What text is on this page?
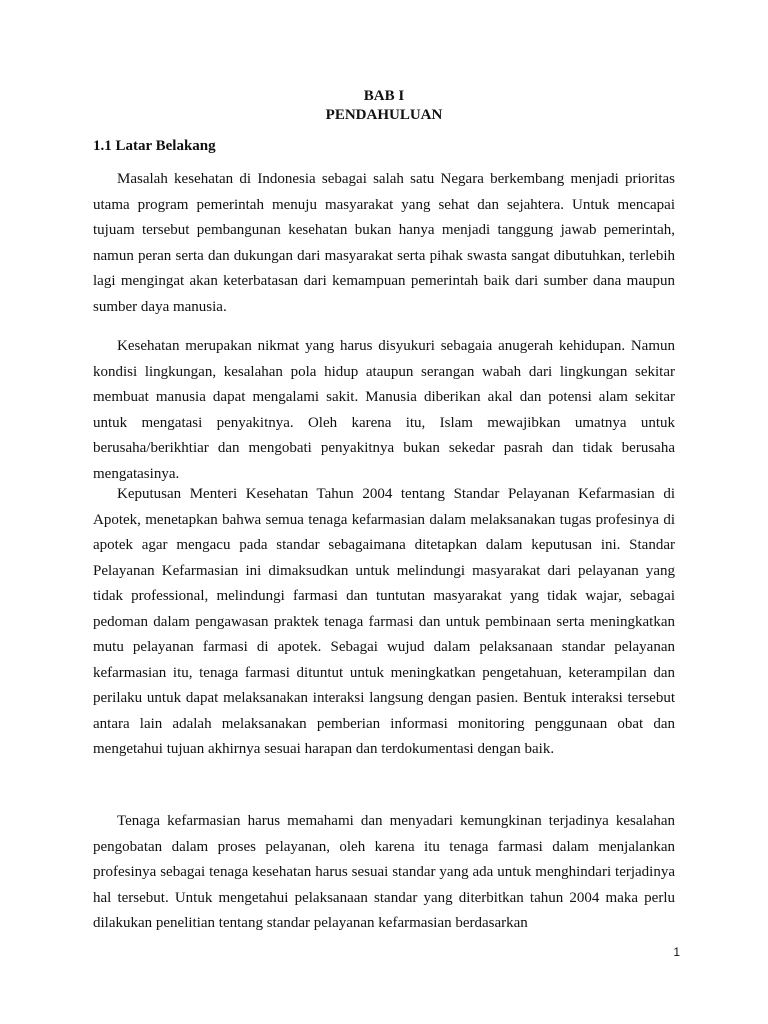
BAB I
PENDAHULUAN
1.1 Latar Belakang

Masalah kesehatan di Indonesia sebagai salah satu Negara berkembang menjadi prioritas utama program pemerintah menuju masyarakat yang sehat dan sejahtera. Untuk mencapai tujuam tersebut pembangunan kesehatan bukan hanya menjadi tanggung jawab pemerintah, namun peran serta dan dukungan dari masyarakat serta pihak swasta sangat dibutuhkan, terlebih lagi mengingat akan keterbatasan dari kemampuan pemerintah baik dari sumber dana maupun sumber daya manusia.

Kesehatan merupakan nikmat yang harus disyukuri sebagaia anugerah kehidupan. Namun kondisi lingkungan, kesalahan pola hidup ataupun serangan wabah dari lingkungan sekitar membuat manusia dapat mengalami sakit. Manusia diberikan akal dan potensi alam sekitar untuk mengatasi penyakitnya. Oleh karena itu, Islam mewajibkan umatnya untuk berusaha/berikhtiar dan mengobati penyakitnya bukan sekedar pasrah dan tidak berusaha mengatasinya.

Keputusan Menteri Kesehatan Tahun 2004 tentang Standar Pelayanan Kefarmasian di Apotek, menetapkan bahwa semua tenaga kefarmasian dalam melaksanakan tugas profesinya di apotek agar mengacu pada standar sebagaimana ditetapkan dalam keputusan ini. Standar Pelayanan Kefarmasian ini dimaksudkan untuk melindungi masyarakat dari pelayanan yang tidak professional, melindungi farmasi dan tuntutan masyarakat yang tidak wajar, sebagai pedoman dalam pengawasan praktek tenaga farmasi dan untuk pembinaan serta meningkatkan mutu pelayanan farmasi di apotek. Sebagai wujud dalam pelaksanaan standar pelayanan kefarmasian itu, tenaga farmasi dituntut untuk meningkatkan pengetahuan, keterampilan dan perilaku untuk dapat melaksanakan interaksi langsung dengan pasien. Bentuk interaksi tersebut antara lain adalah melaksanakan pemberian informasi monitoring penggunaan obat dan mengetahui tujuan akhirnya sesuai harapan dan terdokumentasi dengan baik.

Tenaga kefarmasian harus memahami dan menyadari kemungkinan terjadinya kesalahan pengobatan dalam proses pelayanan, oleh karena itu tenaga farmasi dalam menjalankan profesinya sebagai tenaga kesehatan harus sesuai standar yang ada untuk menghindari terjadinya hal tersebut. Untuk mengetahui pelaksanaan standar yang diterbitkan tahun 2004 maka perlu dilakukan penelitian tentang standar pelayanan kefarmasian berdasarkan

1
